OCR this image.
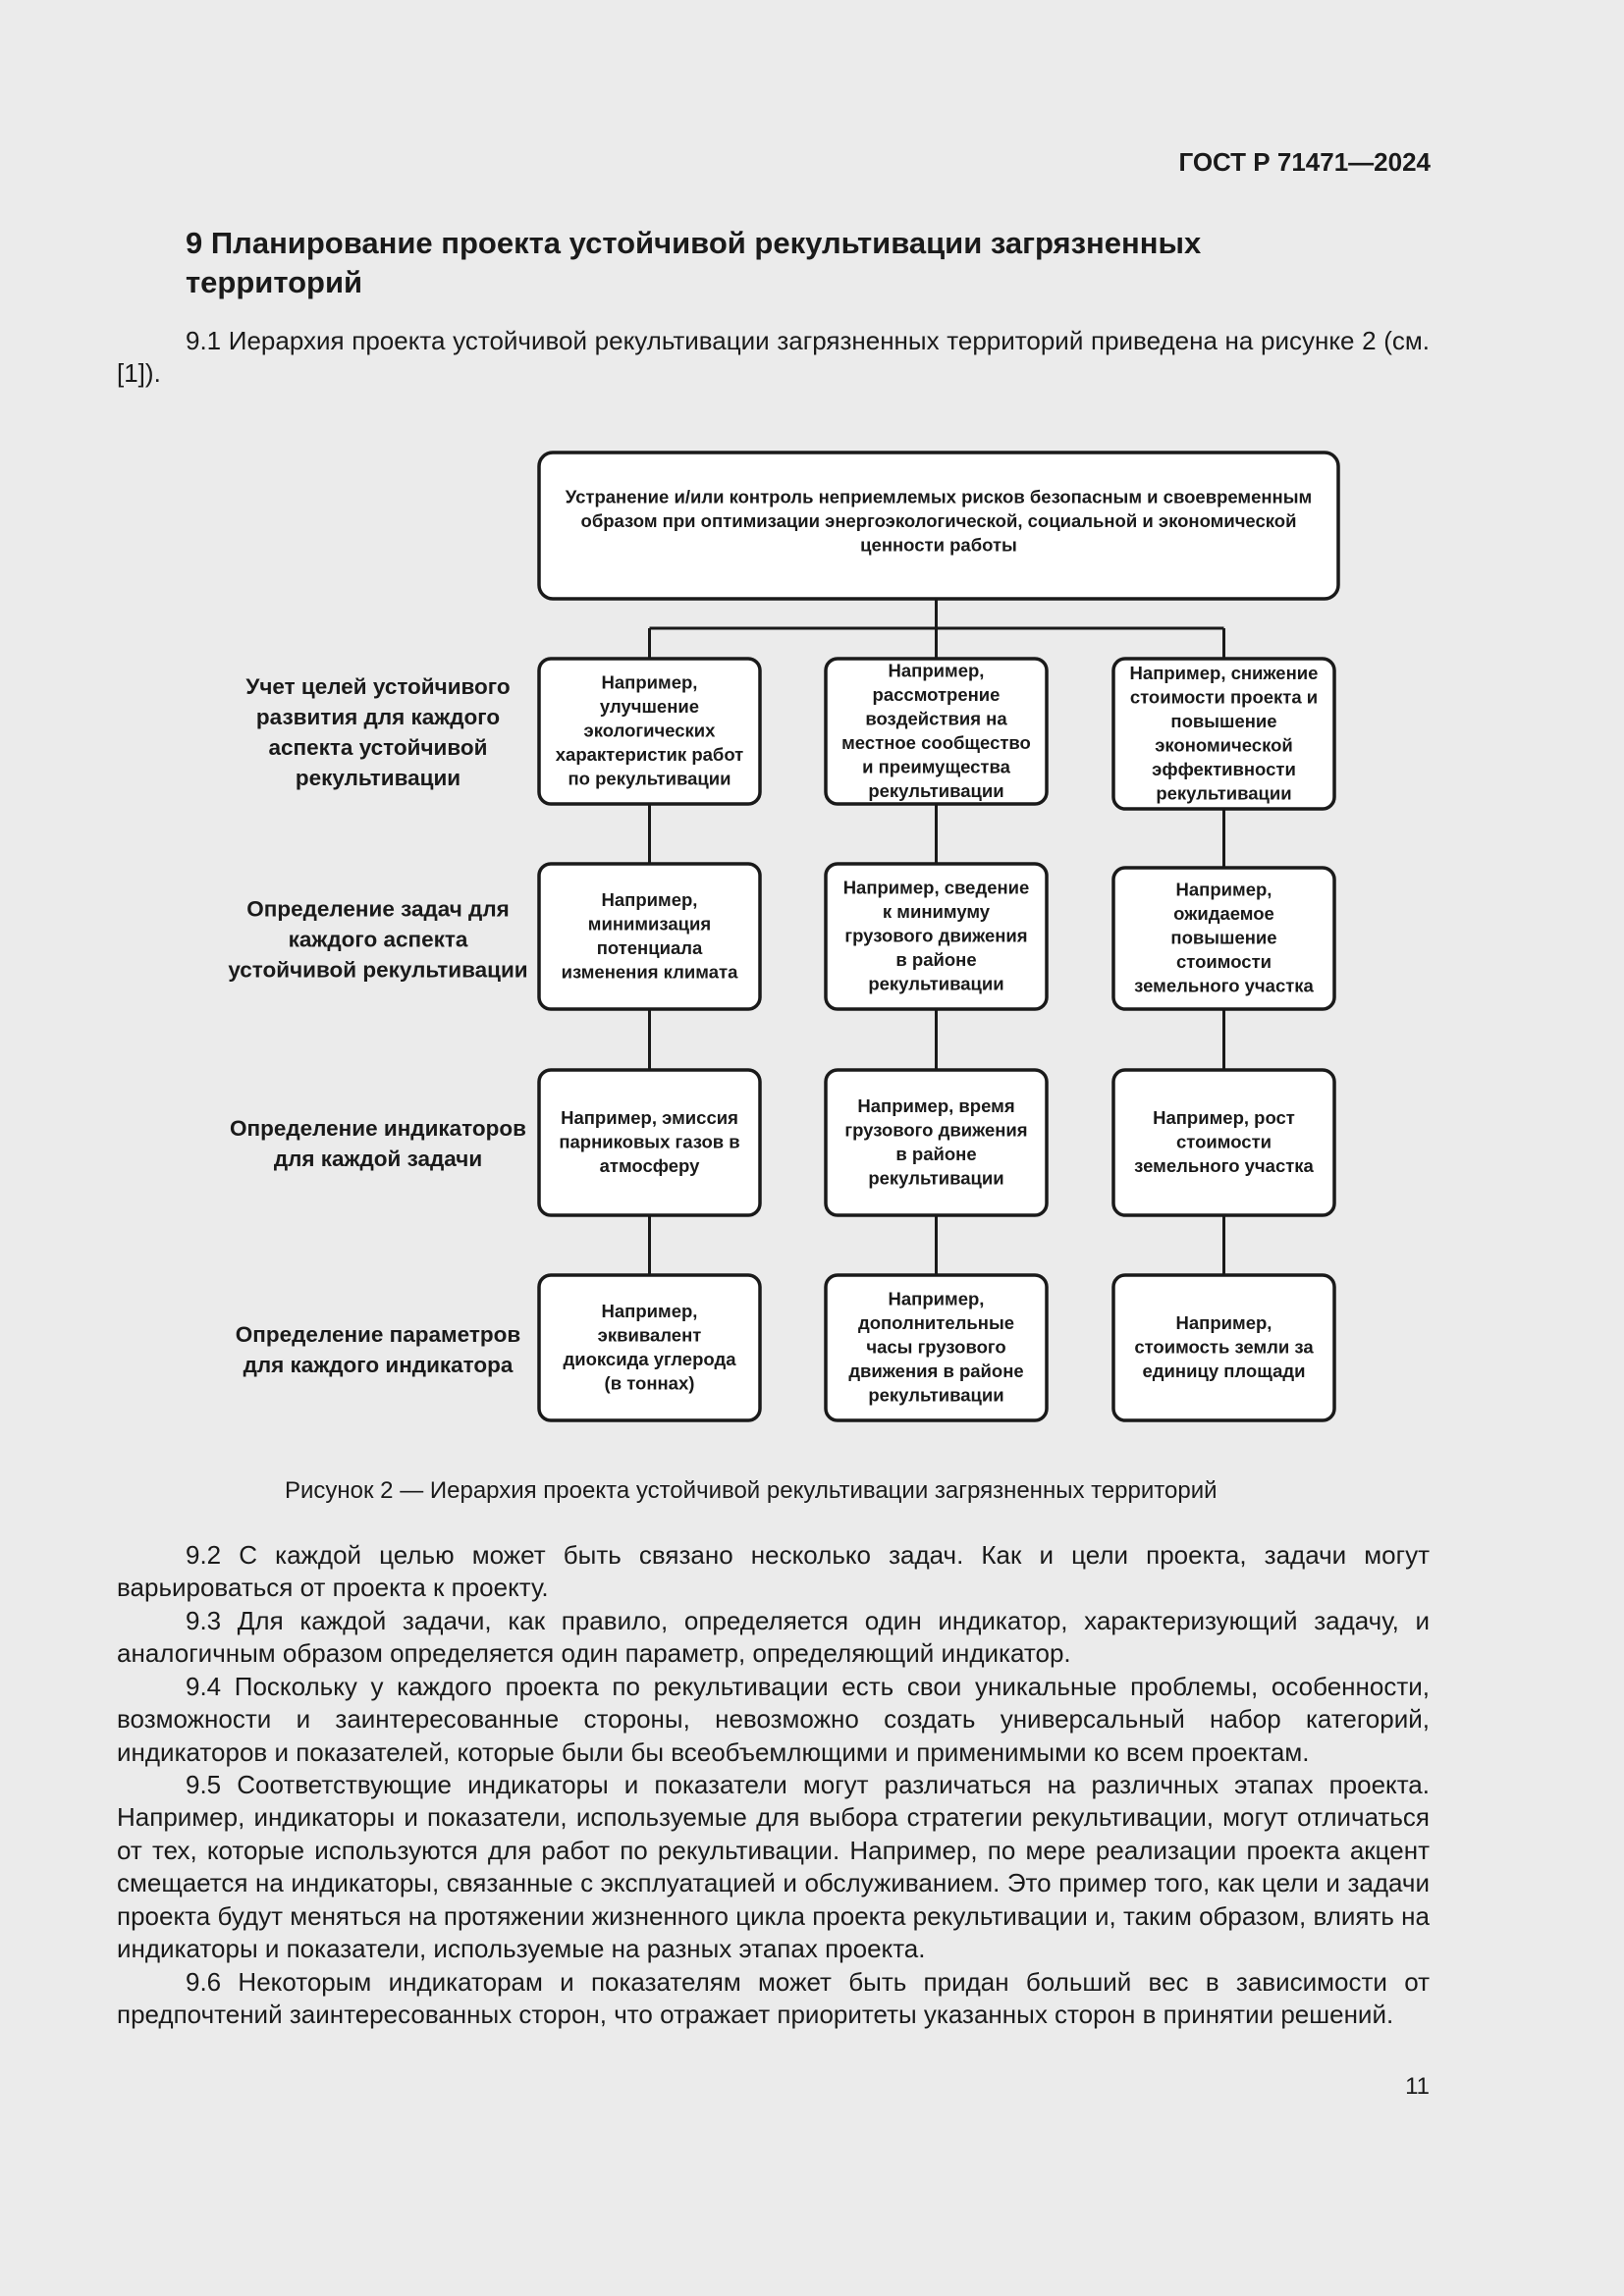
ГОСТ Р 71471—2024
9 Планирование проекта устойчивой рекультивации загрязненных территорий

9.1 Иерархия проекта устойчивой рекультивации загрязненных территорий приведена на рисунке 2 (см. [1]).

Устранение и/или контроль неприемлемых рисков безопасным и своевременным образом при оптимизации энергоэкологической, социальной и экономической ценности работы
Например, улучшение экологических характеристик работ по рекультивации
Например, рассмотрение воздействия на местное сообщество и преимущества рекультивации
Например, снижение стоимости проекта и повышение экономической эффективности рекультивации
Например, минимизация потенциала изменения климата
Например, сведение к минимуму грузового движения в районе рекультивации
Например, ожидаемое повышение стоимости земельного участка
Например, эмиссия парниковых газов в атмосферу
Например, время грузового движения в районе рекультивации
Например, рост стоимости земельного участка
Например, эквивалент диоксида углерода (в тоннах)
Например, дополнительные часы грузового движения в районе рекультивации
Например, стоимость земли за единицу площади
Учет целей устойчивого развития для каждого аспекта устойчивой рекультивации
Определение задач для каждого аспекта устойчивой рекультивации
Определение индикаторов для каждой задачи
Определение параметров для каждого индикатора
Рисунок 2 — Иерархия проекта устойчивой рекультивации загрязненных территорий

9.2 С каждой целью может быть связано несколько задач. Как и цели проекта, задачи могут варьироваться от проекта к проекту.

9.3 Для каждой задачи, как правило, определяется один индикатор, характеризующий задачу, и аналогичным образом определяется один параметр, определяющий индикатор.

9.4 Поскольку у каждого проекта по рекультивации есть свои уникальные проблемы, особенности, возможности и заинтересованные стороны, невозможно создать универсальный набор категорий, индикаторов и показателей, которые были бы всеобъемлющими и применимыми ко всем проектам.

9.5 Соответствующие индикаторы и показатели могут различаться на различных этапах проекта. Например, индикаторы и показатели, используемые для выбора стратегии рекультивации, могут отличаться от тех, которые используются для работ по рекультивации. Например, по мере реализации проекта акцент смещается на индикаторы, связанные с эксплуатацией и обслуживанием. Это пример того, как цели и задачи проекта будут меняться на протяжении жизненного цикла проекта рекультивации и, таким образом, влиять на индикаторы и показатели, используемые на разных этапах проекта.

9.6 Некоторым индикаторам и показателям может быть придан больший вес в зависимости от предпочтений заинтересованных сторон, что отражает приоритеты указанных сторон в принятии решений.

11
